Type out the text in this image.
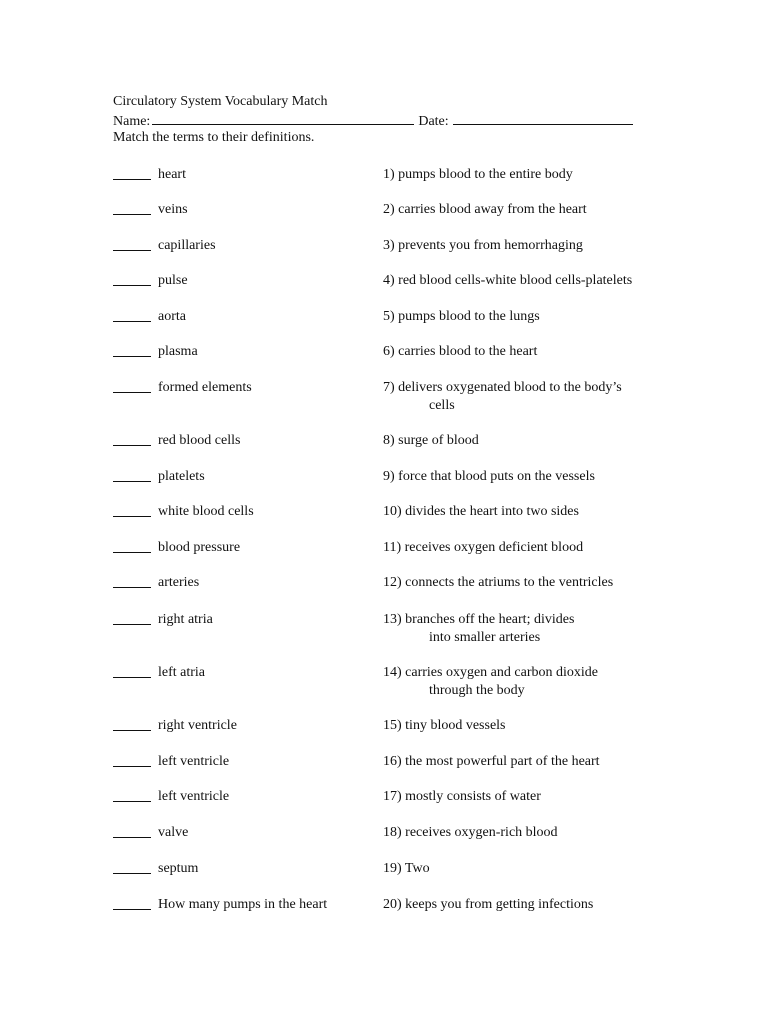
Circulatory System Vocabulary Match
Name:	Date:
Match the terms to their definitions.
heart	1) pumps blood to the entire body
veins	2) carries blood away from the heart
capillaries	3) prevents you from hemorrhaging
pulse	4) red blood cells-white blood cells-platelets
aorta	5) pumps blood to the lungs
plasma	6) carries blood to the heart
formed elements	7) delivers oxygenated blood to the body’s
cells
red blood cells	8) surge of blood
platelets	9) force that blood puts on the vessels
white blood cells	10) divides the heart into two sides
blood pressure	11) receives oxygen deficient blood
arteries	12) connects the atriums to the ventricles
right atria	13) branches off the heart; divides
into smaller arteries
left atria	14) carries oxygen and carbon dioxide
through the body
right ventricle	15) tiny blood vessels
left ventricle	16) the most powerful part of the heart
left ventricle	17) mostly consists of water
valve	18) receives oxygen-rich blood
septum	19) Two
How many pumps in the heart	20) keeps you from getting infections
